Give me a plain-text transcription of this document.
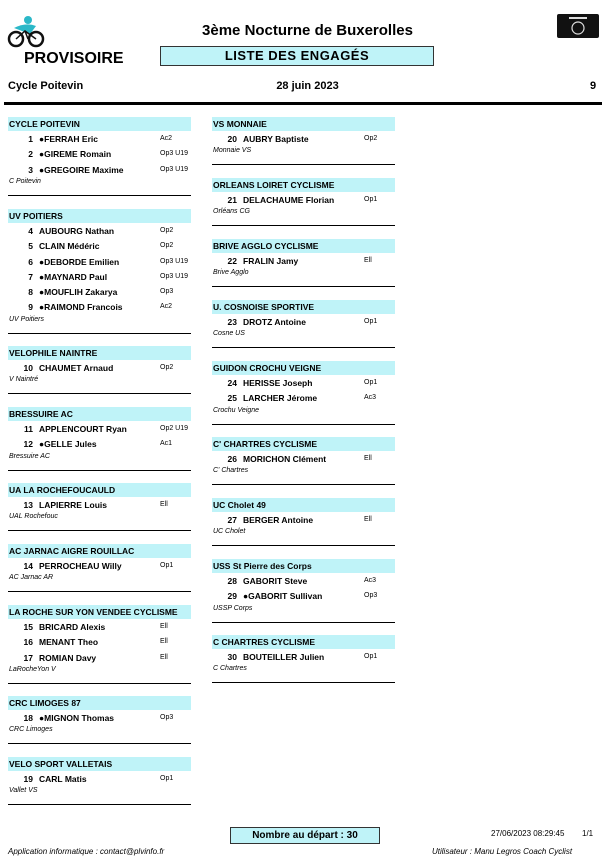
3ème Nocturne de Buxerolles
PROVISOIRE	LISTE DES ENGAGÉS
Cycle Poitevin	28 juin 2023	9
CYCLE POITEVIN
1 ●FERRAH Eric	Ac2
2 ●GIREME Romain	Op3 U19
3 ●GREGOIRE Maxime	Op3 U19
C Poitevin
UV POITIERS
4 AUBOURG Nathan	Op2
5 CLAIN Médéric	Op2
6 ●DEBORDE Emilien	Op3 U19
7 ●MAYNARD Paul	Op3 U19
8 ●MOUFLIH Zakarya	Op3
9 ●RAIMOND Francois	Ac2
UV Poitiers
VELOPHILE NAINTRE
10 CHAUMET Arnaud	Op2
V Naintré
BRESSUIRE AC
11 APPLENCOURT Ryan	Op2 U19
12 ●GELLE Jules	Ac1
Bressuire AC
UA LA ROCHEFOUCAULD
13 LAPIERRE Louis	Ell
UAL Rochefouc
AC JARNAC AIGRE ROUILLAC
14 PERROCHEAU Willy	Op1
AC Jarnac AR
LA ROCHE SUR YON VENDEE CYCLISME
15 BRICARD Alexis	Ell
16 MENANT Theo	Ell
17 ROMIAN Davy	Ell
LaRocheYon V
CRC LIMOGES 87
18 ●MIGNON Thomas	Op3
CRC Limoges
VELO SPORT VALLETAIS
19 CARL Matis	Op1
Vallet VS
VS MONNAIE
20 AUBRY Baptiste	Op2
Monnaie VS
ORLEANS LOIRET CYCLISME
21 DELACHAUME Florian	Op1
Orléans CG
BRIVE AGGLO CYCLISME
22 FRALIN Jamy	Ell
Brive Agglo
U. COSNOISE SPORTIVE
23 DROTZ Antoine	Op1
Cosne US
GUIDON CROCHU VEIGNE
24 HERISSE Joseph	Op1
25 LARCHER Jérome	Ac3
Crochu Veigne
C' CHARTRES CYCLISME
26 MORICHON Clément	Ell
C' Chartres
UC Cholet 49
27 BERGER Antoine	Ell
UC Cholet
USS St Pierre des Corps
28 GABORIT Steve	Ac3
29 ●GABORIT Sullivan	Op3
USSP Corps
C CHARTRES CYCLISME
30 BOUTEILLER Julien	Op1
C Chartres
Nombre au départ : 30	27/06/2023 08:29:45 1/1
Application informatique : contact@plvinfo.fr	Utilisateur : Manu Legros Coach Cyclist
